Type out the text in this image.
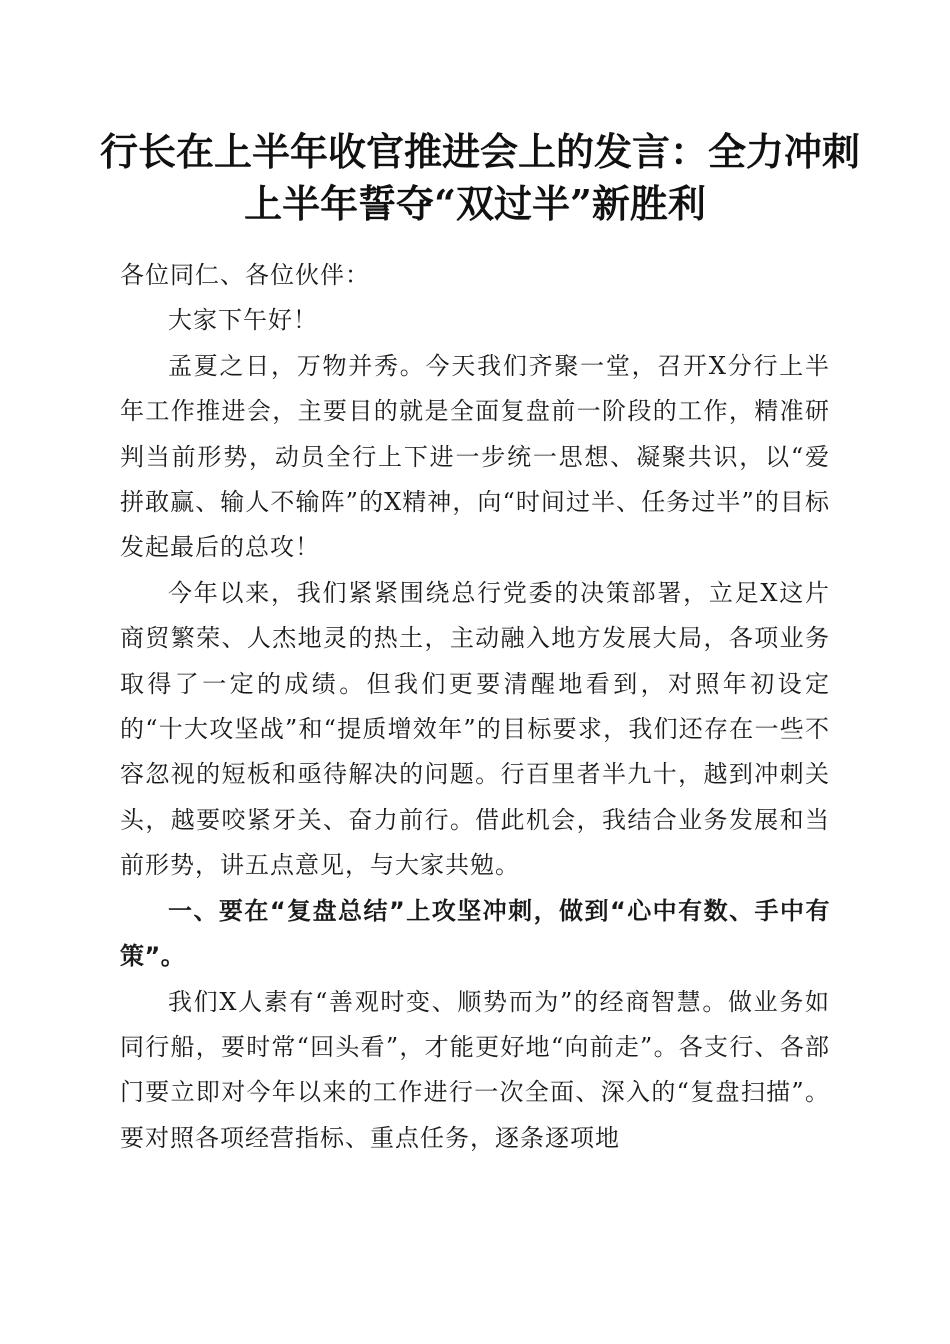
行长在上半年收官推进会上的发言：全力冲刺
上半年誓夺“双过半”新胜利

各位同仁、各位伙伴：

大家下午好！

孟夏之日，万物并秀。今天我们齐聚一堂，召开X分行上半年工作推进会，主要目的就是全面复盘前一阶段的工作，精准研判当前形势，动员全行上下进一步统一思想、凝聚共识，以“爱拼敢赢、输人不输阵”的X精神，向“时间过半、任务过半”的目标发起最后的总攻！

今年以来，我们紧紧围绕总行党委的决策部署，立足X这片商贸繁荣、人杰地灵的热土，主动融入地方发展大局，各项业务取得了一定的成绩。但我们更要清醒地看到，对照年初设定的“十大攻坚战”和“提质增效年”的目标要求，我们还存在一些不容忽视的短板和亟待解决的问题。行百里者半九十，越到冲刺关头，越要咬紧牙关、奋力前行。借此机会，我结合业务发展和当前形势，讲五点意见，与大家共勉。

一、要在“复盘总结”上攻坚冲刺，做到“心中有数、手中有策”。

我们X人素有“善观时变、顺势而为”的经商智慧。做业务如同行船，要时常“回头看”，才能更好地“向前走”。各支行、各部门要立即对今年以来的工作进行一次全面、深入的“复盘扫描”。要对照各项经营指标、重点任务，逐条逐项地
